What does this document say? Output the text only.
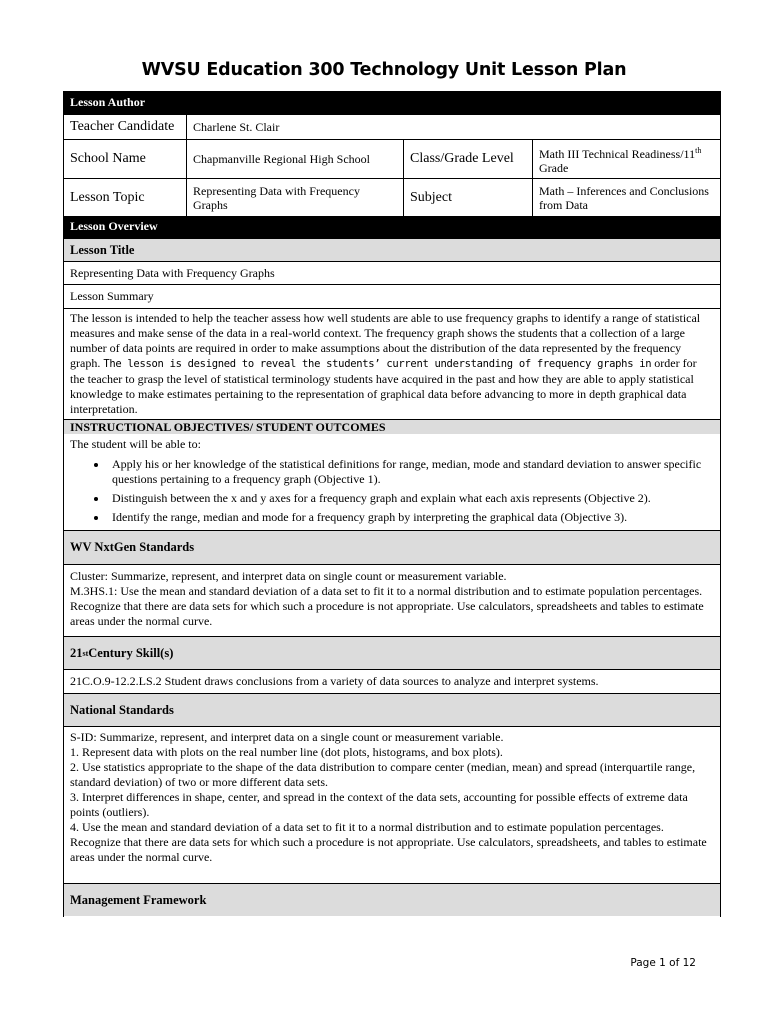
WVSU Education 300 Technology Unit Lesson Plan
Lesson Author
Teacher Candidate	Charlene St. Clair
School Name	Chapmanville Regional High School	Class/Grade Level	Math III Technical Readiness/11th
Grade
Lesson Topic	Representing Data with Frequency Graphs	Subject	Math – Inferences and Conclusions from Data
Lesson Overview
Lesson Title
Representing Data with Frequency Graphs
Lesson Summary
The lesson is intended to help the teacher assess how well students are able to use frequency graphs to identify a range of statistical measures and make sense of the data in a real-world context. The frequency graph shows the students that a collection of a large number of data points are required in order to make assumptions about the distribution of the data represented by the frequency graph. The lesson is designed to reveal the students’ current understanding of frequency graphs in order for the teacher to grasp the level of statistical terminology students have acquired in the past and how they are able to apply statistical knowledge to make estimates pertaining to the representation of graphical data before advancing to more in depth graphical data interpretation.
INSTRUCTIONAL OBJECTIVES/ STUDENT OUTCOMES
The student will be able to:
• Apply his or her knowledge of the statistical definitions for range, median, mode and standard deviation to answer specific questions pertaining to a frequency graph (Objective 1).
• Distinguish between the x and y axes for a frequency graph and explain what each axis represents (Objective 2).
• Identify the range, median and mode for a frequency graph by interpreting the graphical data (Objective 3).
WV NxtGen Standards
Cluster: Summarize, represent, and interpret data on single count or measurement variable.
M.3HS.1: Use the mean and standard deviation of a data set to fit it to a normal distribution and to estimate population percentages. Recognize that there are data sets for which such a procedure is not appropriate. Use calculators, spreadsheets and tables to estimate areas under the normal curve.
21 st Century Skill(s)
21C.O.9-12.2.LS.2 Student draws conclusions from a variety of data sources to analyze and interpret systems.
National Standards
S-ID: Summarize, represent, and interpret data on a single count or measurement variable.
1. Represent data with plots on the real number line (dot plots, histograms, and box plots).
2. Use statistics appropriate to the shape of the data distribution to compare center (median, mean) and spread (interquartile range, standard deviation) of two or more different data sets.
3. Interpret differences in shape, center, and spread in the context of the data sets, accounting for possible effects of extreme data points (outliers).
4. Use the mean and standard deviation of a data set to fit it to a normal distribution and to estimate population percentages. Recognize that there are data sets for which such a procedure is not appropriate. Use calculators, spreadsheets, and tables to estimate areas under the normal curve.
Management Framework
Page 1 of 12
